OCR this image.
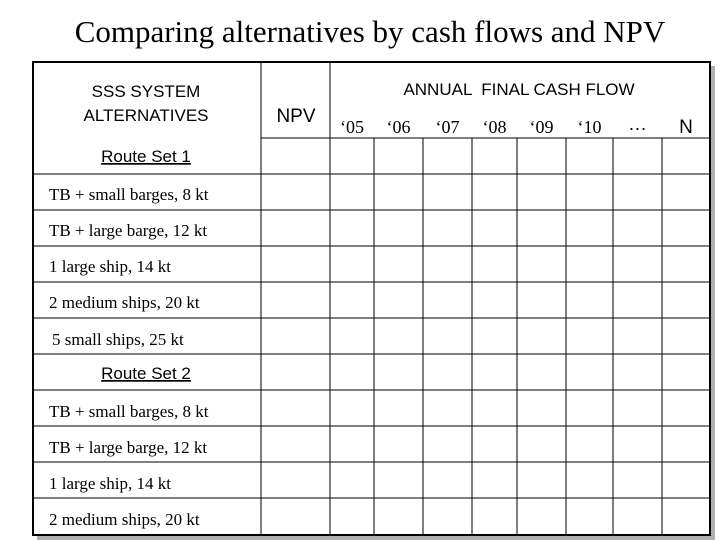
Comparing alternatives by cash flows and NPV
SSS SYSTEM
ALTERNATIVES	NPV
ANNUAL  FINAL CASH FLOW
‘05 ‘06 ‘07 ‘08 ‘09 ‘10 … N
Route Set 1
TB + small barges, 8 kt
TB + large barge, 12 kt
1 large ship, 14 kt
2 medium ships, 20 kt
5 small ships, 25 kt
Route Set 2
TB + small barges, 8 kt
TB + large barge, 12 kt
1 large ship, 14 kt
2 medium ships, 20 kt
